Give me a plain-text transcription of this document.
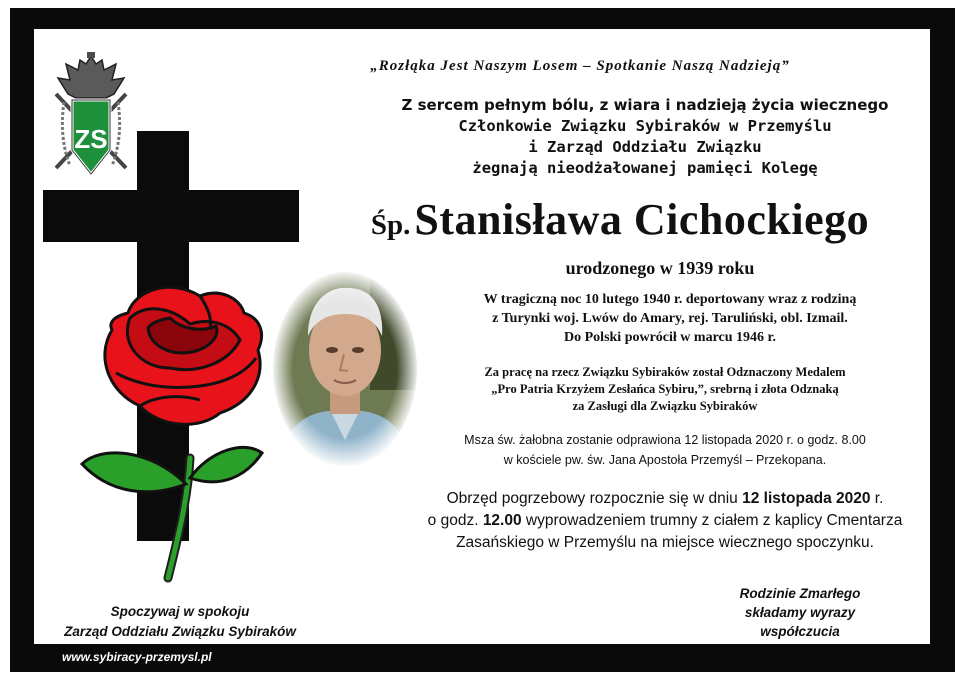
ZS
„Rozłąka Jest Naszym Losem – Spotkanie Naszą Nadzieją”
Z sercem pełnym bólu, z wiara i nadzieją życia wiecznego
Członkowie Związku Sybiraków w Przemyślu
i Zarząd Oddziału Związku
żegnają nieodżałowanej pamięci Kolegę
Śp. Stanisława Cichockiego
urodzonego w 1939 roku
W tragiczną noc 10 lutego 1940 r. deportowany wraz z rodziną
z Turynki woj. Lwów do Amary, rej. Taruliński, obl. Izmail.
Do Polski powrócił w marcu 1946 r.
Za pracę na rzecz Związku Sybiraków został Odznaczony Medalem
„Pro Patria Krzyżem Zesłańca Sybiru,”, srebrną i złota Odznaką
za Zasługi dla Związku Sybiraków
Msza św. żałobna zostanie odprawiona 12 listopada 2020 r. o godz. 8.00
w kościele pw. św. Jana Apostoła Przemyśl – Przekopana.
Obrzęd pogrzebowy rozpocznie się w dniu 12 listopada 2020 r.
o godz. 12.00 wyprowadzeniem trumny z ciałem z kaplicy Cmentarza
Zasańskiego w Przemyślu na miejsce wiecznego spoczynku.
Rodzinie Zmarłego
składamy wyrazy
współczucia
Spoczywaj w spokoju
Zarząd Oddziału Związku Sybiraków
www.sybiracy-przemysl.pl
